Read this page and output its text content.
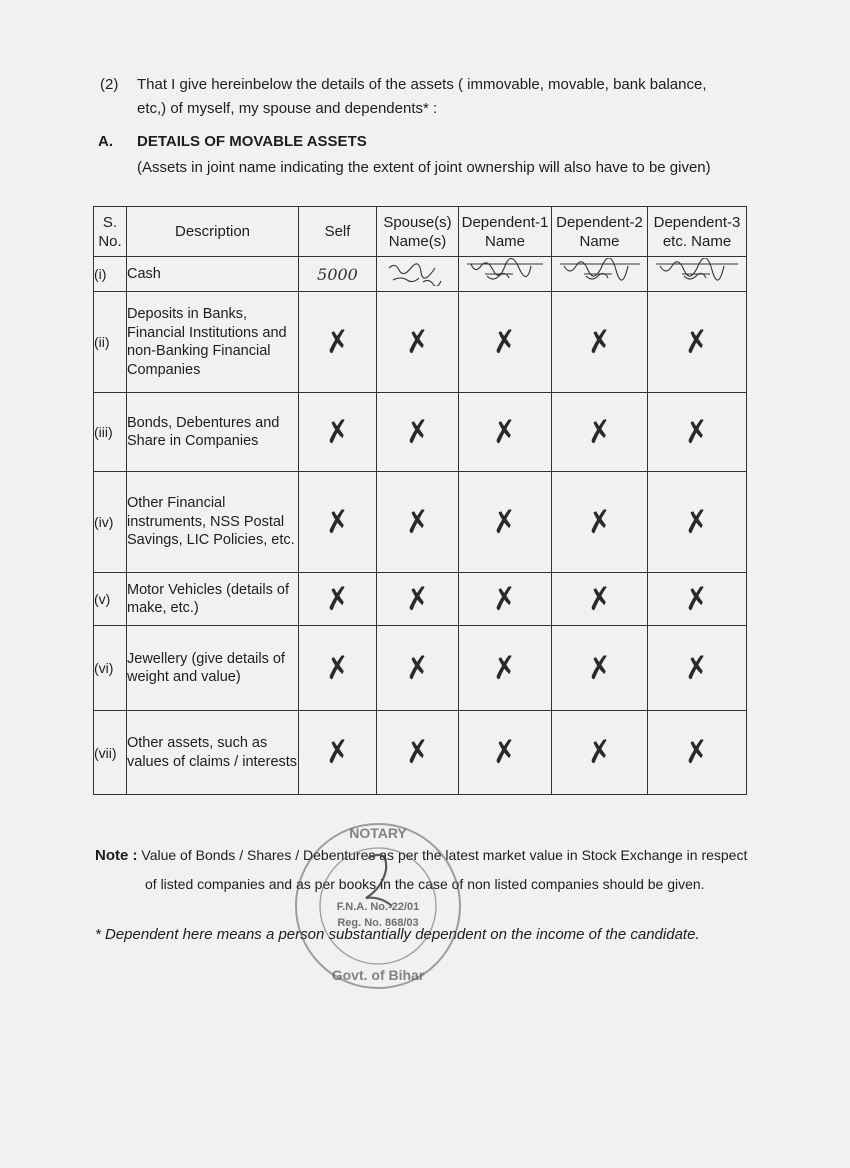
(2) That I give hereinbelow the details of the assets ( immovable, movable, bank balance, etc,) of myself, my spouse and dependents* :
A. DETAILS OF MOVABLE ASSETS
(Assets in joint name indicating the extent of joint ownership will also have to be given)
S. No.	Description	Self	Spouse(s) Name(s)	Dependent-1 Name	Dependent-2 Name	Dependent-3 etc. Name
(i)	Cash	5000				
(ii)	Deposits in Banks, Financial Institutions and non-Banking Financial Companies	✗	✗	✗	✗	✗
(iii)	Bonds, Debentures and Share in Companies	✗	✗	✗	✗	✗
(iv)	Other Financial instruments, NSS Postal Savings, LIC Policies, etc.	✗	✗	✗	✗	✗
(v)	Motor Vehicles (details of make, etc.)	✗	✗	✗	✗	✗
(vi)	Jewellery (give details of weight and value)	✗	✗	✗	✗	✗
(vii)	Other assets, such as values of claims / interests	✗	✗	✗	✗	✗
Note : Value of Bonds / Shares / Debentures as per the latest market value in Stock Exchange in respect
of listed companies and as per books in the case of non listed companies should be given.
* Dependent here means a person substantially dependent on the income of the candidate.
NOTARY
F.N.A. No.-22/01
Reg. No. 868/03
Govt. of Bihar
